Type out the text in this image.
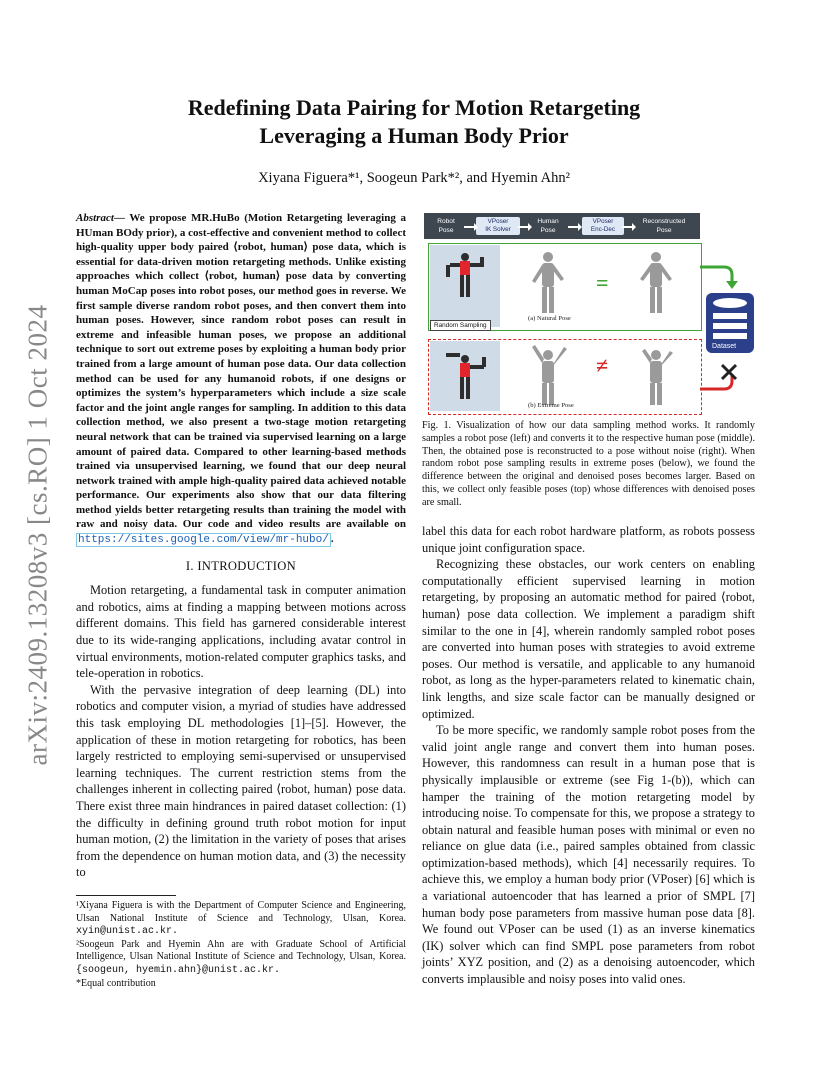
arXiv:2409.13208v3 [cs.RO] 1 Oct 2024
Redefining Data Pairing for Motion Retargeting
Leveraging a Human Body Prior
Xiyana Figuera*¹, Soogeun Park*², and Hyemin Ahn²
Abstract— We propose MR.HuBo (Motion Retargeting leveraging a HUman BOdy prior), a cost-effective and convenient method to collect high-quality upper body paired ⟨robot, human⟩ pose data, which is essential for data-driven motion retargeting methods. Unlike existing approaches which collect ⟨robot, human⟩ pose data by converting human MoCap poses into robot poses, our method goes in reverse. We first sample diverse random robot poses, and then convert them into human poses. However, since random robot poses can result in extreme and infeasible human poses, we propose an additional technique to sort out extreme poses by exploiting a human body prior trained from a large amount of human pose data. Our data collection method can be used for any humanoid robots, if one designs or optimizes the system’s hyperparameters which include a size scale factor and the joint angle ranges for sampling. In addition to this data collection method, we also present a two-stage motion retargeting neural network that can be trained via supervised learning on a large amount of paired data. Compared to other learning-based methods trained via unsupervised learning, we found that our deep neural network trained with ample high-quality paired data achieved notable performance. Our experiments also show that our data filtering method yields better retargeting results than training the model with raw and noisy data. Our code and video results are available on https://sites.google.com/view/mr-hubo/ .
I. INTRODUCTION

Motion retargeting, a fundamental task in computer animation and robotics, aims at finding a mapping between motions across different domains. This field has garnered considerable interest due to its wide-ranging applications, including avatar control in virtual environments, motion-related computer graphics tasks, and tele-operation in robotics.

With the pervasive integration of deep learning (DL) into robotics and computer vision, a myriad of studies have addressed this task employing DL methodologies [1]–[5]. However, the application of these in motion retargeting for robotics, has been largely restricted to employing semi-supervised or unsupervised learning techniques. The current restriction stems from the challenges inherent in collecting paired ⟨robot, human⟩ pose data. There exist three main hindrances in paired dataset collection: (1) the difficulty in defining ground truth robot motion for input human motion, (2) the limitation in the variety of poses that arises from the dependence on human motion data, and (3) the necessity to

¹Xiyana Figuera is with the Department of Computer Science and Engineering, Ulsan National Institute of Science and Technology, Ulsan, Korea. xyin@unist.ac.kr.
²Soogeun Park and Hyemin Ahn are with Graduate School of Artificial Intelligence, Ulsan National Institute of Science and Technology, Ulsan, Korea. {soogeun, hyemin.ahn}@unist.ac.kr.
*Equal contribution
Robot
Pose
VPoser
IK Solver
Human
Pose
VPoser
Enc-Dec
Reconstructed
Pose
(a) Natural Pose
(b) Extreme Pose
Random Sampling
=
≠
Dataset
Fig. 1. Visualization of how our data sampling method works. It randomly samples a robot pose (left) and converts it to the respective human pose (middle). Then, the obtained pose is reconstructed to a pose without noise (right). When random robot pose sampling results in extreme poses (below), we found the difference between the original and denoised poses becomes larger. Based on this, we collect only feasible poses (top) whose differences with denoised poses are small.

label this data for each robot hardware platform, as robots possess unique joint configuration space.

Recognizing these obstacles, our work centers on enabling computationally efficient supervised learning in motion retargeting, by proposing an automatic method for paired ⟨robot, human⟩ pose data collection. We implement a paradigm shift similar to the one in [4], wherein randomly sampled robot poses are converted into human poses with strategies to avoid extreme poses. Our method is versatile, and applicable to any humanoid robot, as long as the hyper-parameters related to kinematic chain, link lengths, and size scale factor can be manually designed or optimized.

To be more specific, we randomly sample robot poses from the valid joint angle range and convert them into human poses. However, this randomness can result in a human pose that is physically implausible or extreme (see Fig 1-(b)), which can hamper the training of the motion retargeting model by introducing noise. To compensate for this, we propose a strategy to obtain natural and feasible human poses with minimal or even no reliance on glue data (i.e., paired samples obtained from classic optimization-based methods), which [4] necessarily requires. To achieve this, we employ a human body prior (VPoser) [6] which is a variational autoencoder that has learned a prior of SMPL [7] human body pose parameters from massive human pose data [8]. We found out VPoser can be used (1) as an inverse kinematics (IK) solver which can find SMPL pose parameters from robot joints’ XYZ position, and (2) as a denoising autoencoder, which converts implausible and noisy poses into valid ones.
